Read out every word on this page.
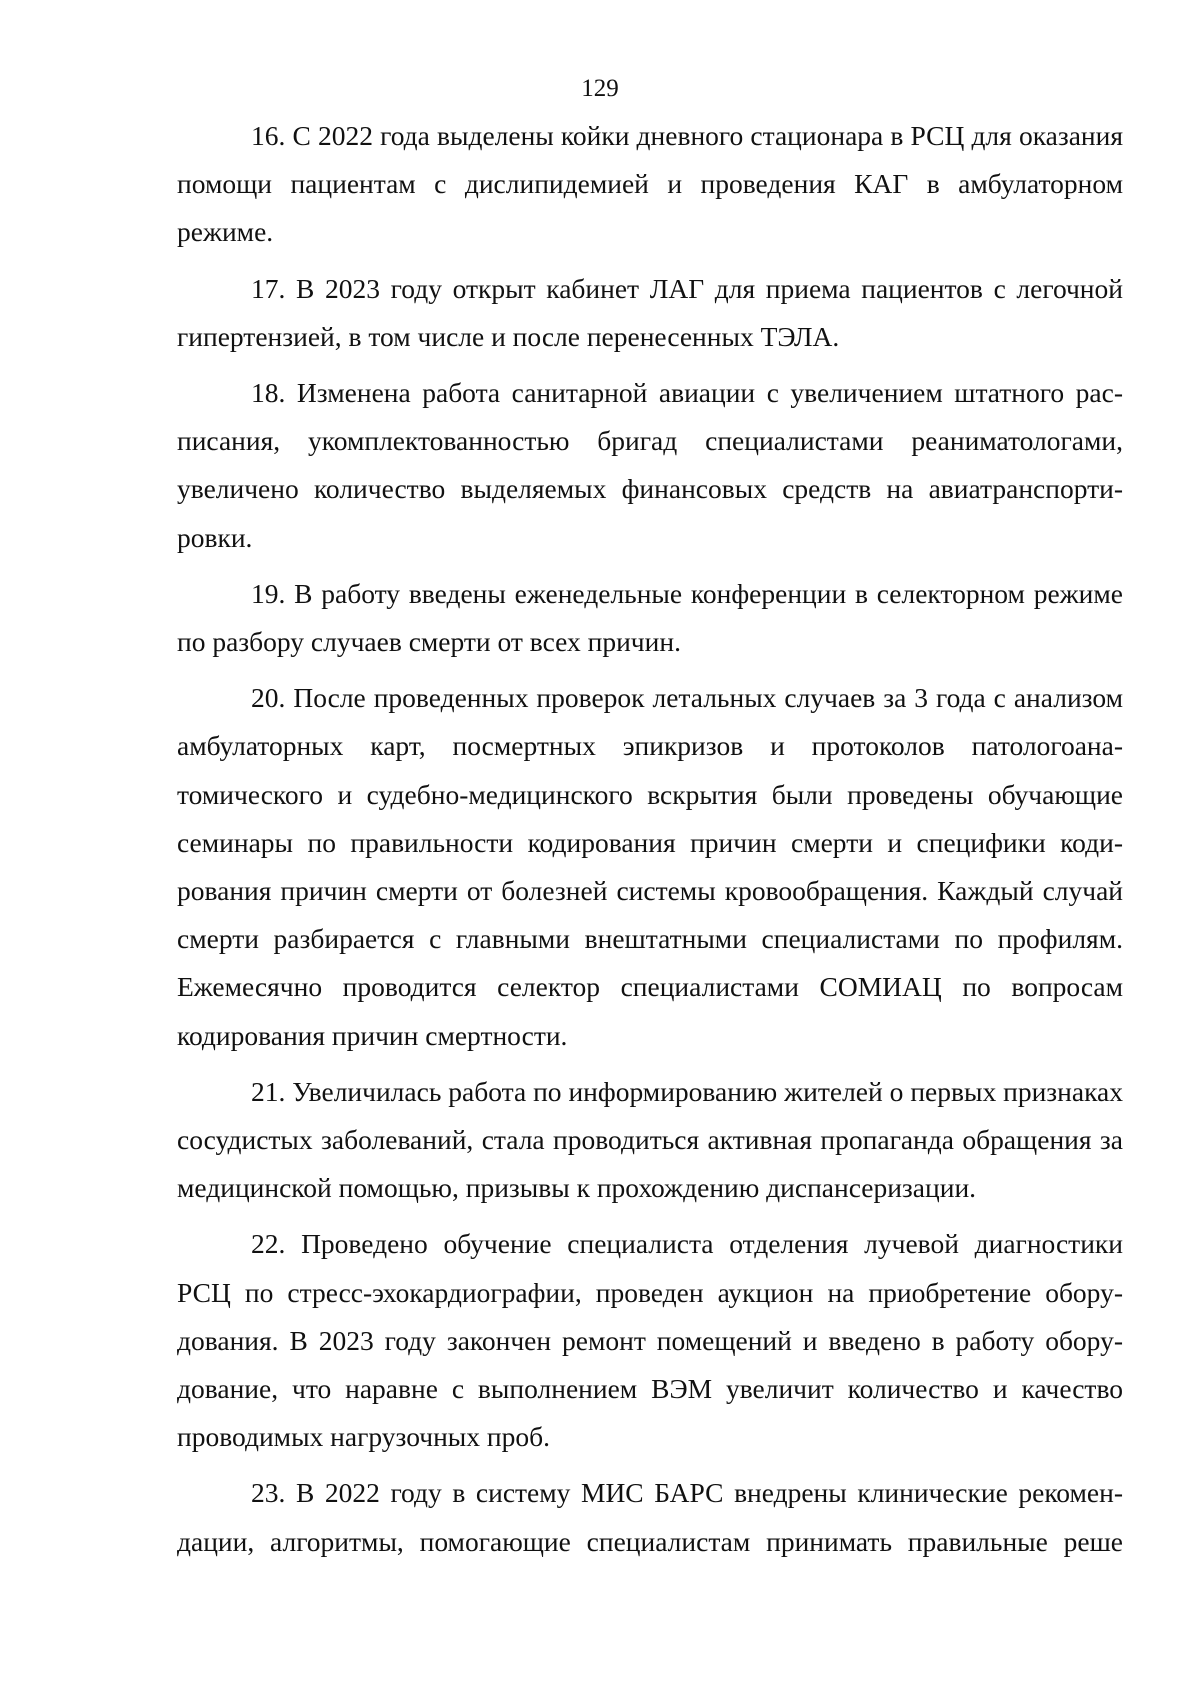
129

16. С 2022 года выделены койки дневного стационара в РСЦ для оказания помощи пациентам с дислипидемией и проведения КАГ в амбулаторном режиме.

17. В 2023 году открыт кабинет ЛАГ для приема пациентов с легочной гипертензией, в том числе и после перенесенных ТЭЛА.

18. Изменена работа санитарной авиации с увеличением штатного расписания, укомплектованностью бригад специалистами реаниматологами, увеличено количество выделяемых финансовых средств на авиатранспортировки.

19. В работу введены еженедельные конференции в селекторном режиме по разбору случаев смерти от всех причин.

20. После проведенных проверок летальных случаев за 3 года с анализом амбулаторных карт, посмертных эпикризов и протоколов патологоанатомического и судебно-медицинского вскрытия были проведены обучающие семинары по правильности кодирования причин смерти и специфики кодирования причин смерти от болезней системы кровообращения. Каждый случай смерти разбирается с главными внештатными специалистами по профилям. Ежемесячно проводится селектор специалистами СОМИАЦ по вопросам кодирования причин смертности.

21. Увеличилась работа по информированию жителей о первых признаках сосудистых заболеваний, стала проводиться активная пропаганда обращения за медицинской помощью, призывы к прохождению диспансеризации.

22. Проведено обучение специалиста отделения лучевой диагностики РСЦ по стресс-эхокардиографии, проведен аукцион на приобретение оборудования. В 2023 году закончен ремонт помещений и введено в работу оборудование, что наравне с выполнением ВЭМ увеличит количество и качество проводимых нагрузочных проб.

23. В 2022 году в систему МИС БАРС внедрены клинические рекомендации, алгоритмы, помогающие специалистам принимать правильные реше
